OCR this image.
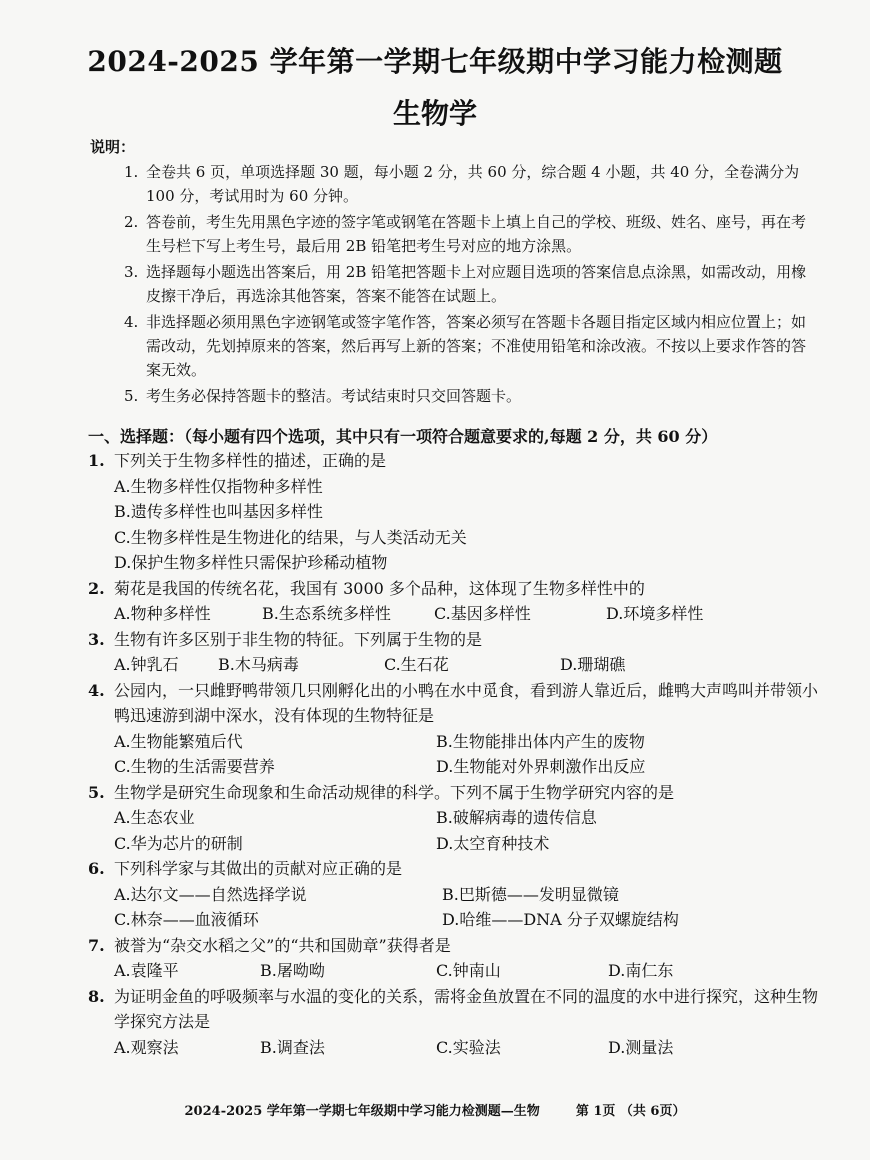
2024-2025 学年第一学期七年级期中学习能力检测题
生物学
说明：
1. 全卷共 6 页，单项选择题 30 题，每小题 2 分，共 60 分，综合题 4 小题，共 40 分，全卷满分为 100 分，考试用时为 60 分钟。
2. 答卷前，考生先用黑色字迹的签字笔或钢笔在答题卡上填上自己的学校、班级、姓名、座号，再在考生号栏下写上考生号，最后用 2B 铅笔把考生号对应的地方涂黑。
3. 选择题每小题选出答案后，用 2B 铅笔把答题卡上对应题目选项的答案信息点涂黑，如需改动，用橡皮擦干净后，再选涂其他答案，答案不能答在试题上。
4. 非选择题必须用黑色字迹钢笔或签字笔作答，答案必须写在答题卡各题目指定区域内相应位置上；如需改动，先划掉原来的答案，然后再写上新的答案；不准使用铅笔和涂改液。不按以上要求作答的答案无效。
5. 考生务必保持答题卡的整洁。考试结束时只交回答题卡。
一、选择题：（每小题有四个选项，其中只有一项符合题意要求的,每题 2 分，共 60 分）
1. 下列关于生物多样性的描述，正确的是
A.生物多样性仅指物种多样性
B.遗传多样性也叫基因多样性
C.生物多样性是生物进化的结果，与人类活动无关
D.保护生物多样性只需保护珍稀动植物
2. 菊花是我国的传统名花，我国有 3000 多个品种，这体现了生物多样性中的
A.物种多样性	B.生态系统多样性	C.基因多样性	D.环境多样性
3. 生物有许多区别于非生物的特征。下列属于生物的是
A.钟乳石	B.木马病毒	C.生石花	D.珊瑚礁
4. 公园内，一只雌野鸭带领几只刚孵化出的小鸭在水中觅食，看到游人靠近后，雌鸭大声鸣叫并带领小鸭迅速游到湖中深水，没有体现的生物特征是
A.生物能繁殖后代	B.生物能排出体内产生的废物
C.生物的生活需要营养	D.生物能对外界刺激作出反应
5. 生物学是研究生命现象和生命活动规律的科学。下列不属于生物学研究内容的是
A.生态农业	B.破解病毒的遗传信息
C.华为芯片的研制	D.太空育种技术
6. 下列科学家与其做出的贡献对应正确的是
A.达尔文——自然选择学说	B.巴斯德——发明显微镜
C.林奈——血液循环	D.哈维——DNA 分子双螺旋结构
7. 被誉为“杂交水稻之父”的“共和国勋章”获得者是
A.袁隆平	B.屠呦呦	C.钟南山	D.南仁东
8. 为证明金鱼的呼吸频率与水温的变化的关系，需将金鱼放置在不同的温度的水中进行探究，这种生物学探究方法是
A.观察法	B.调查法	C.实验法	D.测量法
2024-2025 学年第一学期七年级期中学习能力检测题—生物	第 1页 （共 6页）
